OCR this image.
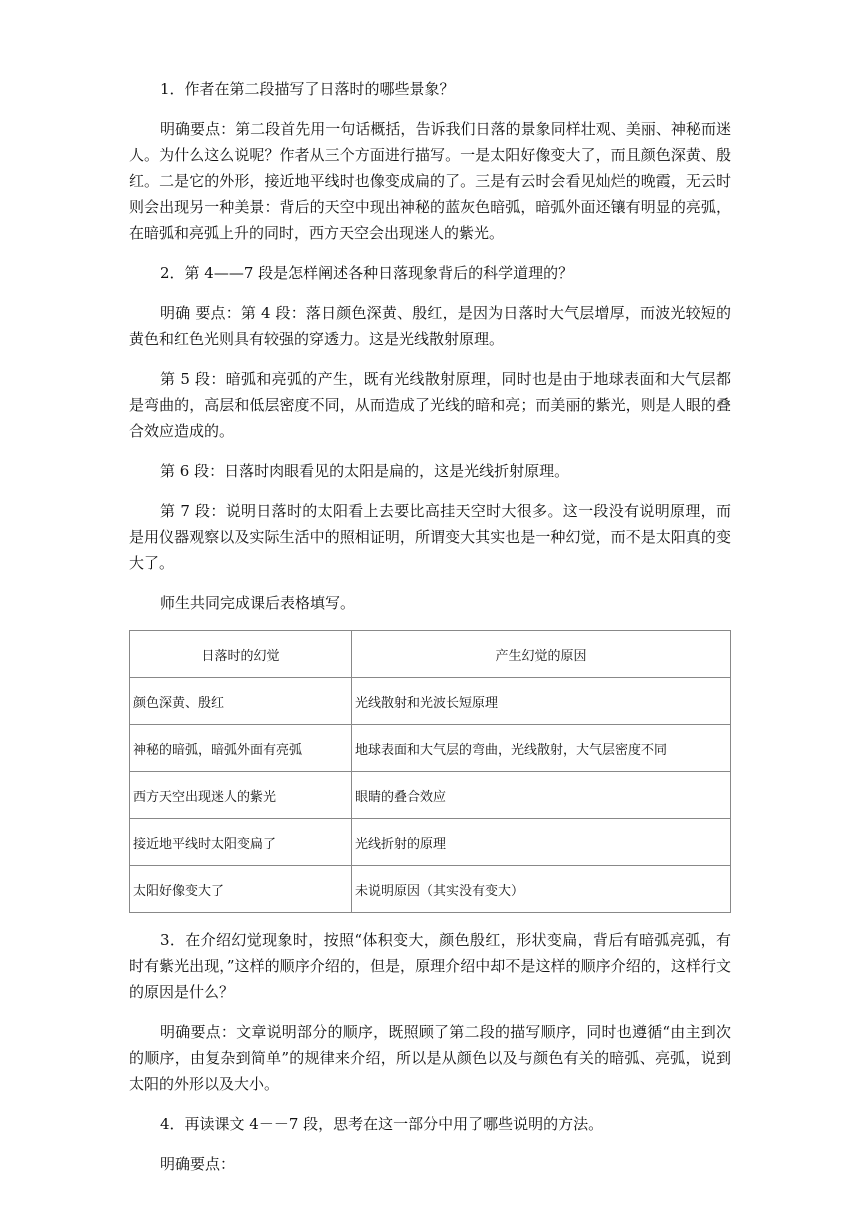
1．作者在第二段描写了日落时的哪些景象？

明确要点：第二段首先用一句话概括，告诉我们日落的景象同样壮观、美丽、神秘而迷人。为什么这么说呢？作者从三个方面进行描写。一是太阳好像变大了，而且颜色深黄、殷红。二是它的外形，接近地平线时也像变成扁的了。三是有云时会看见灿烂的晚霞，无云时则会出现另一种美景：背后的天空中现出神秘的蓝灰色暗弧，暗弧外面还镶有明显的亮弧，在暗弧和亮弧上升的同时，西方天空会出现迷人的紫光。

2．第 4——7 段是怎样阐述各种日落现象背后的科学道理的？

明确 要点：第 4 段：落日颜色深黄、殷红，是因为日落时大气层增厚，而波光较短的黄色和红色光则具有较强的穿透力。这是光线散射原理。

第 5 段：暗弧和亮弧的产生，既有光线散射原理，同时也是由于地球表面和大气层都是弯曲的，高层和低层密度不同，从而造成了光线的暗和亮；而美丽的紫光，则是人眼的叠合效应造成的。

第 6 段：日落时肉眼看见的太阳是扁的，这是光线折射原理。

第 7 段：说明日落时的太阳看上去要比高挂天空时大很多。这一段没有说明原理，而是用仪器观察以及实际生活中的照相证明，所谓变大其实也是一种幻觉，而不是太阳真的变大了。

师生共同完成课后表格填写。

日落时的幻觉	产生幻觉的原因
颜色深黄、殷红	光线散射和光波长短原理
神秘的暗弧，暗弧外面有亮弧	地球表面和大气层的弯曲，光线散射，大气层密度不同
西方天空出现迷人的紫光	眼睛的叠合效应
接近地平线时太阳变扁了	光线折射的原理
太阳好像变大了	未说明原因（其实没有变大）

3．在介绍幻觉现象时，按照“体积变大，颜色殷红，形状变扁，背后有暗弧亮弧，有时有紫光出现，”这样的顺序介绍的，但是，原理介绍中却不是这样的顺序介绍的，这样行文的原因是什么？

明确要点：文章说明部分的顺序，既照顾了第二段的描写顺序，同时也遵循“由主到次的顺序，由复杂到简单”的规律来介绍，所以是从颜色以及与颜色有关的暗弧、亮弧，说到太阳的外形以及大小。

4．再读课文 4－－7 段，思考在这一部分中用了哪些说明的方法。

明确要点：
